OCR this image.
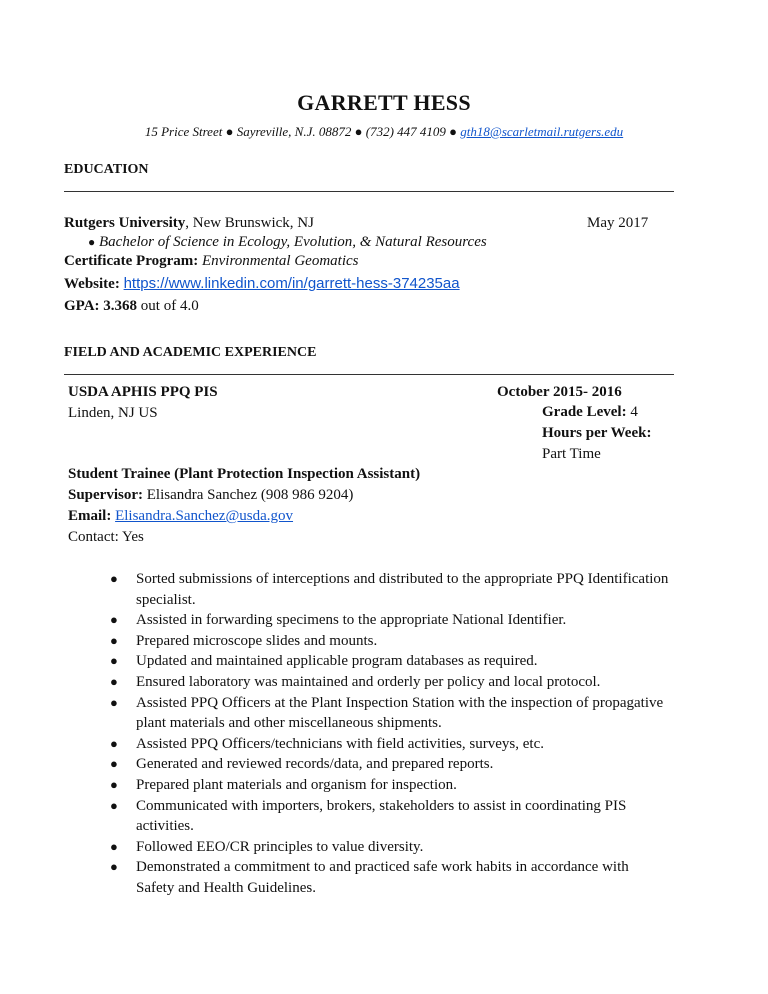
GARRETT HESS
15 Price Street ● Sayreville, N.J. 08872 ● (732) 447 4109 ● gth18@scarletmail.rutgers.edu
EDUCATION
Rutgers University, New Brunswick, NJ	May 2017
● Bachelor of Science in Ecology, Evolution, & Natural Resources
Certificate Program: Environmental Geomatics
Website: https://www.linkedin.com/in/garrett-hess-374235aa
GPA: 3.368 out of 4.0
FIELD AND ACADEMIC EXPERIENCE
USDA APHIS PPQ PIS	October 2015- 2016
Linden, NJ US	Grade Level: 4
Hours per Week:
Part Time
Student Trainee (Plant Protection Inspection Assistant)
Supervisor: Elisandra Sanchez (908 986 9204)
Email: Elisandra.Sanchez@usda.gov
Contact: Yes
● Sorted submissions of interceptions and distributed to the appropriate PPQ Identification specialist.
● Assisted in forwarding specimens to the appropriate National Identifier.
● Prepared microscope slides and mounts.
● Updated and maintained applicable program databases as required.
● Ensured laboratory was maintained and orderly per policy and local protocol.
● Assisted PPQ Officers at the Plant Inspection Station with the inspection of propagative plant materials and other miscellaneous shipments.
● Assisted PPQ Officers/technicians with field activities, surveys, etc.
● Generated and reviewed records/data, and prepared reports.
● Prepared plant materials and organism for inspection.
● Communicated with importers, brokers, stakeholders to assist in coordinating PIS activities.
● Followed EEO/CR principles to value diversity.
● Demonstrated a commitment to and practiced safe work habits in accordance with Safety and Health Guidelines.
